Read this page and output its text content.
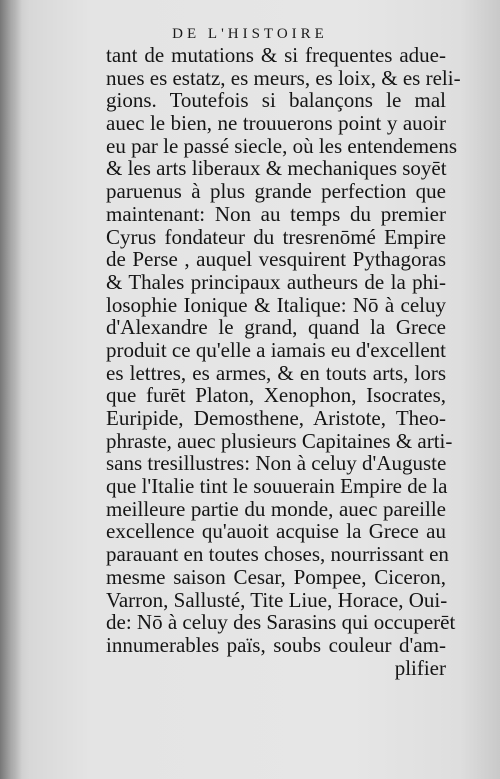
DE L'HISTOIRE
tant de mutations & si frequentes adue-
nues es estatz, es meurs, es loix, & es reli-
gions. Toutefois si balançons le mal
auec le bien, ne trouuerons point y auoir
eu par le passé siecle, où les entendemens
& les arts liberaux & mechaniques soyēt
paruenus à plus grande perfection que
maintenant: Non au temps du premier
Cyrus fondateur du tresrenōmé Empire
de Perse , auquel vesquirent Pythagoras
& Thales principaux autheurs de la phi-
losophie Ionique & Italique: Nō à celuy
d'Alexandre le grand, quand la Grece
produit ce qu'elle a iamais eu d'excellent
es lettres, es armes, & en touts arts, lors
que furēt Platon, Xenophon, Isocrates,
Euripide, Demosthene, Aristote, Theo-
phraste, auec plusieurs Capitaines & arti-
sans tresillustres: Non à celuy d'Auguste
que l'Italie tint le souuerain Empire de la
meilleure partie du monde, auec pareille
excellence qu'auoit acquise la Grece au
parauant en toutes choses, nourrissant en
mesme saison Cesar, Pompee, Ciceron,
Varron, Sallusté, Tite Liue, Horace, Oui-
de: Nō à celuy des Sarasins qui occuperēt
innumerables païs, soubs couleur d'am-
plifier
